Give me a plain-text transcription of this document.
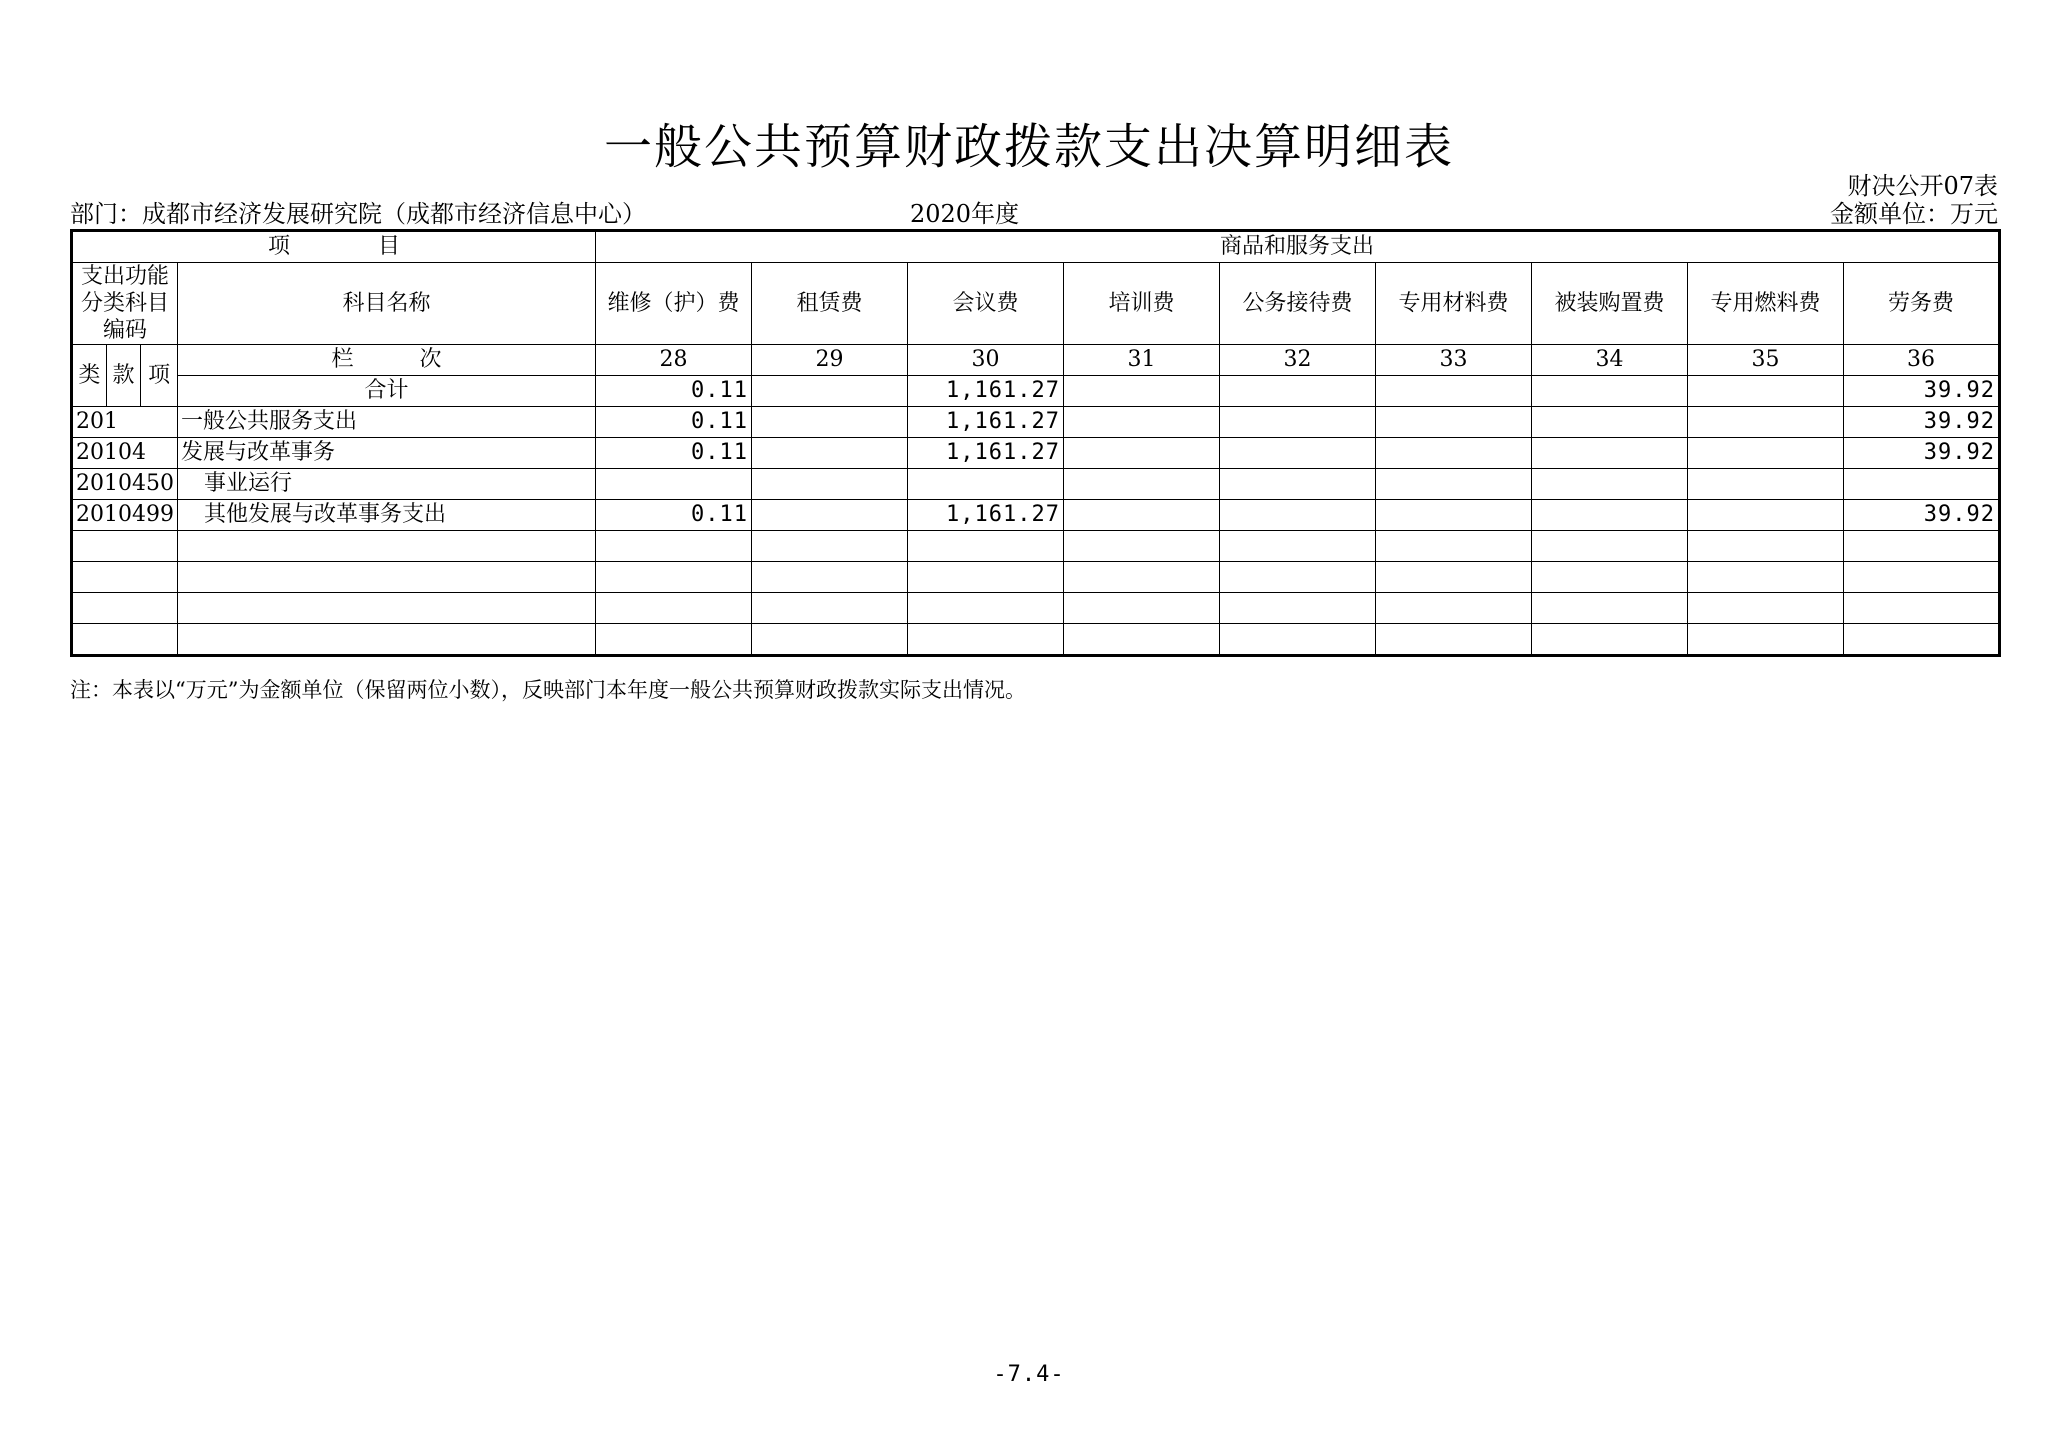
一般公共预算财政拨款支出决算明细表
财决公开07表
部门：成都市经济发展研究院（成都市经济信息中心）	2020年度	金额单位：万元
项　　　　目				商品和服务支出								
支出功能分类科目编码			科目名称	维修（护）费	租赁费	会议费	培训费	公务接待费	专用材料费	被装购置费	专用燃料费	劳务费
类	款	项	栏　　　次	28	29	30	31	32	33	34	35	36
			合计	0.11		1,161.27						39.92
201			一般公共服务支出	0.11		1,161.27						39.92
20104			发展与改革事务	0.11		1,161.27						39.92
2010450			事业运行									
2010499			其他发展与改革事务支出	0.11		1,161.27						39.92

注：本表以“万元”为金额单位（保留两位小数），反映部门本年度一般公共预算财政拨款实际支出情况。
-7.4-
